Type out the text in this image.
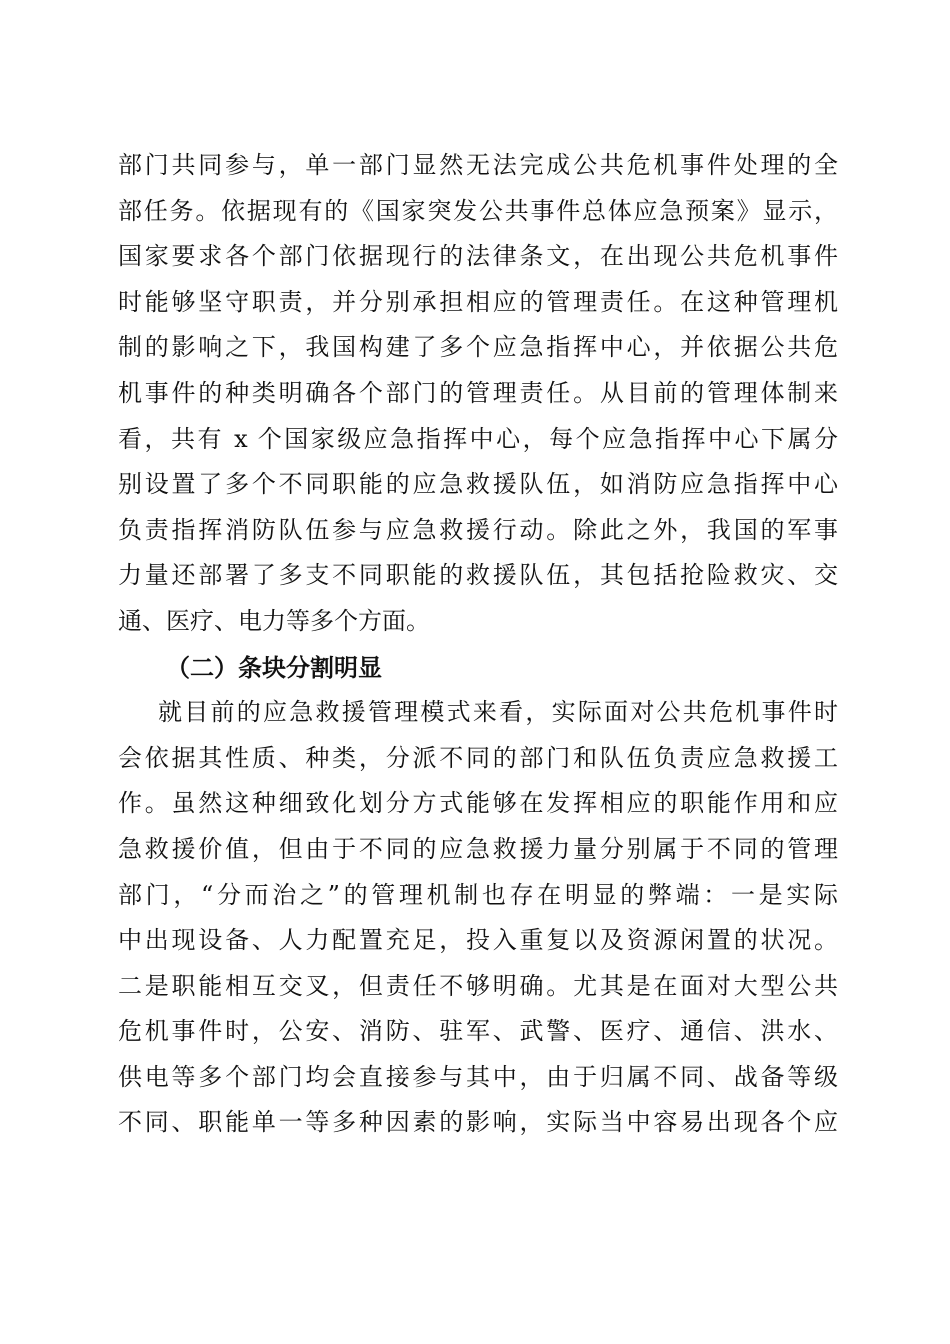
部门共同参与，单一部门显然无法完成公共危机事件处理的全
部任务。依据现有的《国家突发公共事件总体应急预案》显示，
国家要求各个部门依据现行的法律条文，在出现公共危机事件
时能够坚守职责，并分别承担相应的管理责任。在这种管理机
制的影响之下，我国构建了多个应急指挥中心，并依据公共危
机事件的种类明确各个部门的管理责任。从目前的管理体制来
看，共有 x 个国家级应急指挥中心，每个应急指挥中心下属分
别设置了多个不同职能的应急救援队伍，如消防应急指挥中心
负责指挥消防队伍参与应急救援行动。除此之外，我国的军事
力量还部署了多支不同职能的救援队伍，其包括抢险救灾、交
通、医疗、电力等多个方面。
（二）条块分割明显
就目前的应急救援管理模式来看，实际面对公共危机事件时
会依据其性质、种类，分派不同的部门和队伍负责应急救援工
作。虽然这种细致化划分方式能够在发挥相应的职能作用和应
急救援价值，但由于不同的应急救援力量分别属于不同的管理
部门，“分而治之”的管理机制也存在明显的弊端：一是实际
中出现设备、人力配置充足，投入重复以及资源闲置的状况。
二是职能相互交叉，但责任不够明确。尤其是在面对大型公共
危机事件时，公安、消防、驻军、武警、医疗、通信、洪水、
供电等多个部门均会直接参与其中，由于归属不同、战备等级
不同、职能单一等多种因素的影响，实际当中容易出现各个应
